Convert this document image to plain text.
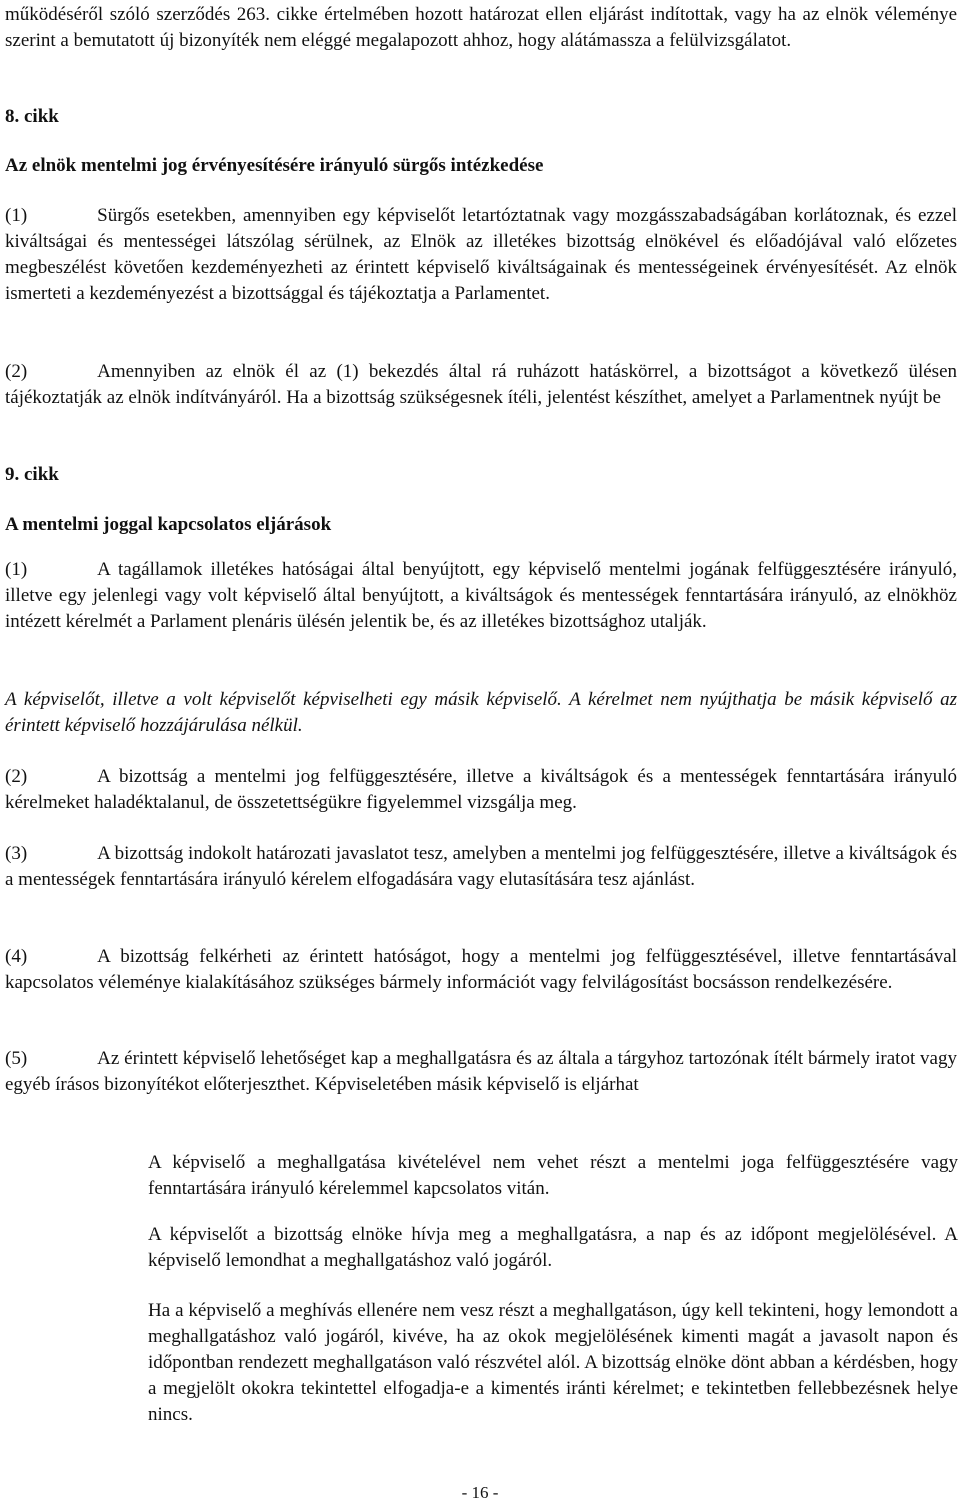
működéséről szóló szerződés 263. cikke értelmében hozott határozat ellen eljárást indítottak, vagy ha az elnök véleménye szerint a bemutatott új bizonyíték nem eléggé megalapozott ahhoz, hogy alátámassza a felülvizsgálatot.

8. cikk

Az elnök mentelmi jog érvényesítésére irányuló sürgős intézkedése

(1)	Sürgős esetekben, amennyiben egy képviselőt letartóztatnak vagy mozgásszabadságában korlátoznak, és ezzel kiváltságai és mentességei látszólag sérülnek, az Elnök az illetékes bizottság elnökével és előadójával való előzetes megbeszélést követően kezdeményezheti az érintett képviselő kiváltságainak és mentességeinek érvényesítését. Az elnök ismerteti a kezdeményezést a bizottsággal és tájékoztatja a Parlamentet.

(2)	Amennyiben az elnök él az (1) bekezdés által rá ruházott hatáskörrel, a bizottságot a következő ülésen tájékoztatják az elnök indítványáról. Ha a bizottság szükségesnek ítéli, jelentést készíthet, amelyet a Parlamentnek nyújt be

9. cikk

A mentelmi joggal kapcsolatos eljárások

(1)	A tagállamok illetékes hatóságai által benyújtott, egy képviselő mentelmi jogának felfüggesztésére irányuló, illetve egy jelenlegi vagy volt képviselő által benyújtott, a kiváltságok és mentességek fenntartására irányuló, az elnökhöz intézett kérelmét a Parlament plenáris ülésén jelentik be, és az illetékes bizottsághoz utalják.

A képviselőt, illetve a volt képviselőt képviselheti egy másik képviselő. A kérelmet nem nyújthatja be másik képviselő az érintett képviselő hozzájárulása nélkül.

(2)	A bizottság a mentelmi jog felfüggesztésére, illetve a kiváltságok és a mentességek fenntartására irányuló kérelmeket haladéktalanul, de összetettségükre figyelemmel vizsgálja meg.

(3)	A bizottság indokolt határozati javaslatot tesz, amelyben a mentelmi jog felfüggesztésére, illetve a kiváltságok és a mentességek fenntartására irányuló kérelem elfogadására vagy elutasítására tesz ajánlást.

(4)	A bizottság felkérheti az érintett hatóságot, hogy a mentelmi jog felfüggesztésével, illetve fenntartásával kapcsolatos véleménye kialakításához szükséges bármely információt vagy felvilágosítást bocsásson rendelkezésére.

(5)	Az érintett képviselő lehetőséget kap a meghallgatásra és az általa a tárgyhoz tartozónak ítélt bármely iratot vagy egyéb írásos bizonyítékot előterjeszthet. Képviseletében másik képviselő is eljárhat

A képviselő a meghallgatása kivételével nem vehet részt a mentelmi joga felfüggesztésére vagy fenntartására irányuló kérelemmel kapcsolatos vitán.

A képviselőt a bizottság elnöke hívja meg a meghallgatásra, a nap és az időpont megjelölésével. A képviselő lemondhat a meghallgatáshoz való jogáról.

Ha a képviselő a meghívás ellenére nem vesz részt a meghallgatáson, úgy kell tekinteni, hogy lemondott a meghallgatáshoz való jogáról, kivéve, ha az okok megjelölésének kimenti magát a javasolt napon és időpontban rendezett meghallgatáson való részvétel alól. A bizottság elnöke dönt abban a kérdésben, hogy a megjelölt okokra tekintettel elfogadja-e a kimentés iránti kérelmet; e tekintetben fellebbezésnek helye nincs.

- 16 -
